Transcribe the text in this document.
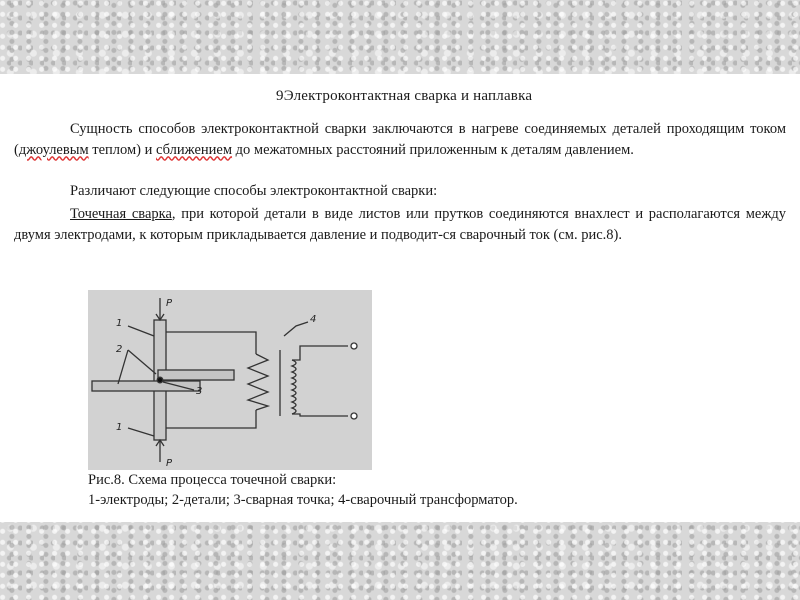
9Электроконтактная сварка и наплавка
Сущность способов электроконтактной сварки заключаются в нагреве соединяемых деталей проходящим током (джоулевым теплом) и сближением до межатомных расстояний приложенным к деталям давлением.
Различают следующие способы электроконтактной сварки:
Точечная сварка, при которой детали в виде листов или прутков соединяются внахлест и располагаются между двумя электродами, к которым прикладывается давление и подводит-ся сварочный ток (см. рис.8).
P
P
1
2
3
1
4
Рис.8. Схема процесса точечной сварки:
1-электроды; 2-детали; 3-сварная точка; 4-сварочный трансформатор.
